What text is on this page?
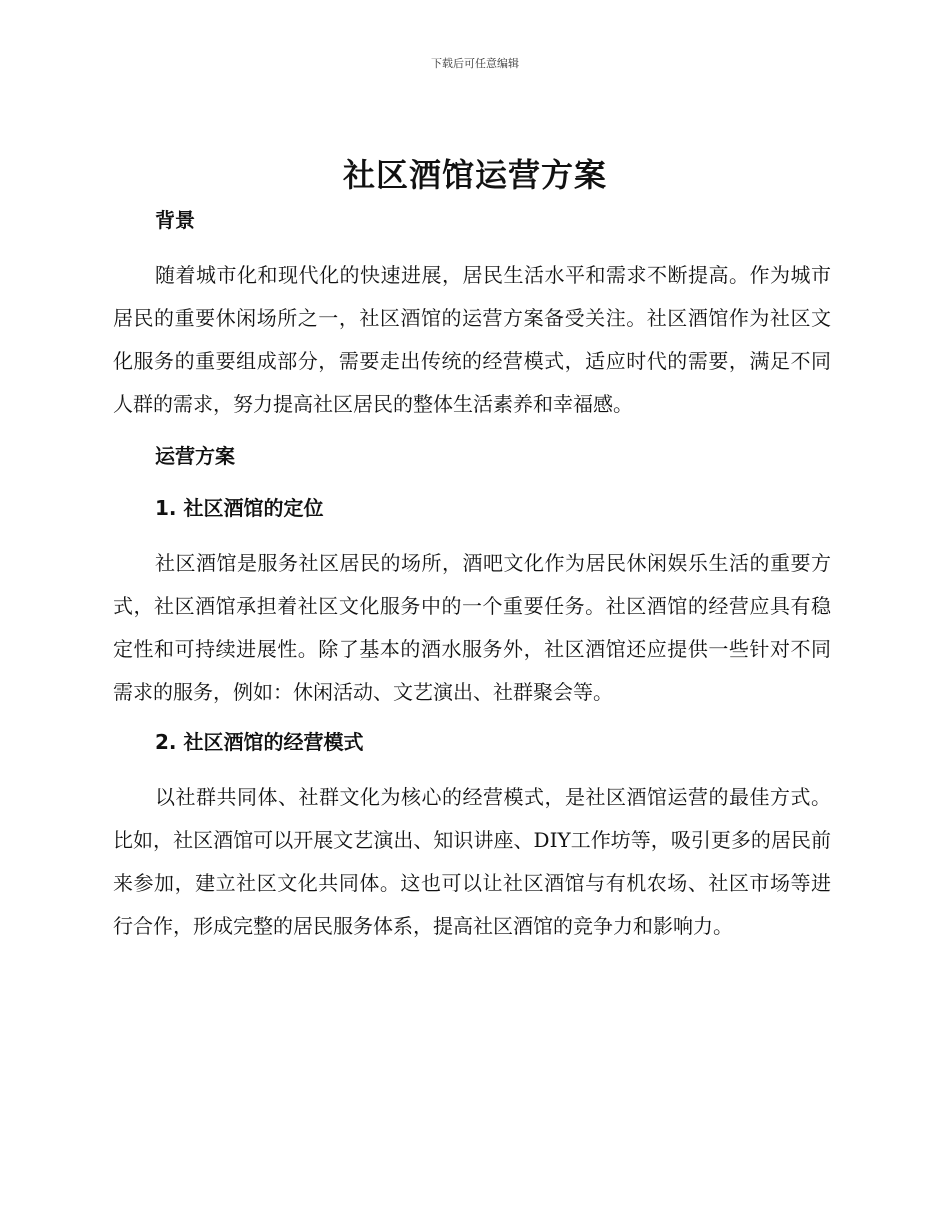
下载后可任意编辑
社区酒馆运营方案
背景

随着城市化和现代化的快速进展，居民生活水平和需求不断提高。作为城市居民的重要休闲场所之一，社区酒馆的运营方案备受关注。社区酒馆作为社区文化服务的重要组成部分，需要走出传统的经营模式，适应时代的需要，满足不同人群的需求，努力提高社区居民的整体生活素养和幸福感。

运营方案
1. 社区酒馆的定位

社区酒馆是服务社区居民的场所，酒吧文化作为居民休闲娱乐生活的重要方式，社区酒馆承担着社区文化服务中的一个重要任务。社区酒馆的经营应具有稳定性和可持续进展性。除了基本的酒水服务外，社区酒馆还应提供一些针对不同需求的服务，例如：休闲活动、文艺演出、社群聚会等。

2. 社区酒馆的经营模式

以社群共同体、社群文化为核心的经营模式，是社区酒馆运营的最佳方式。比如，社区酒馆可以开展文艺演出、知识讲座、DIY工作坊等，吸引更多的居民前来参加，建立社区文化共同体。这也可以让社区酒馆与有机农场、社区市场等进行合作，形成完整的居民服务体系，提高社区酒馆的竞争力和影响力。
